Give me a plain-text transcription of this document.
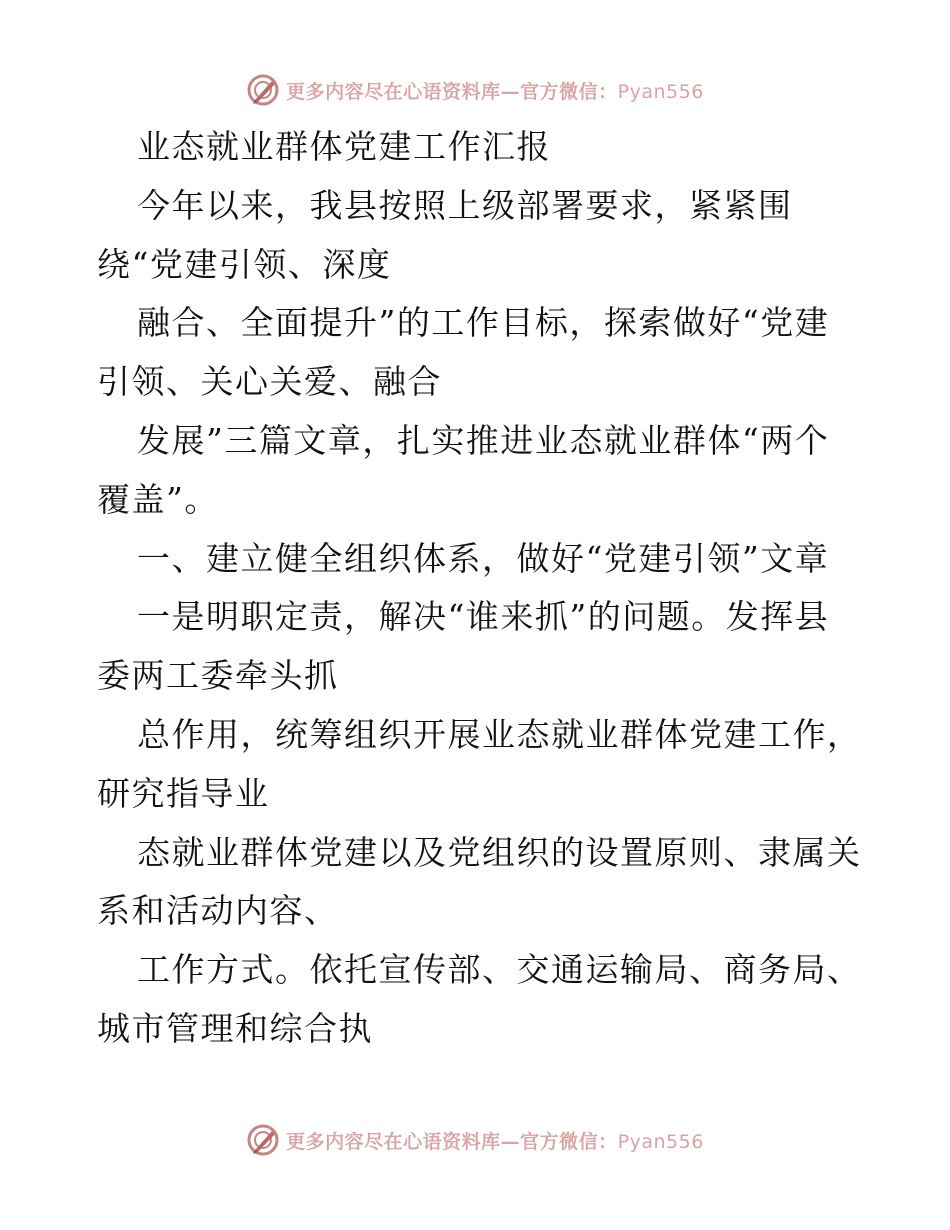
更多内容尽在心语资料库—官方微信：Pyan556
业态就业群体党建工作汇报
今年以来，我县按照上级部署要求，紧紧围
绕“党建引领、深度
融合、全面提升”的工作目标，探索做好“党建
引领、关心关爱、融合
发展”三篇文章，扎实推进业态就业群体“两个
覆盖”。
一、建立健全组织体系，做好“党建引领”文章
一是明职定责，解决“谁来抓”的问题。发挥县
委两工委牵头抓
总作用，统筹组织开展业态就业群体党建工作，
研究指导业
态就业群体党建以及党组织的设置原则、隶属关
系和活动内容、
工作方式。依托宣传部、交通运输局、商务局、
城市管理和综合执
更多内容尽在心语资料库—官方微信：Pyan556
